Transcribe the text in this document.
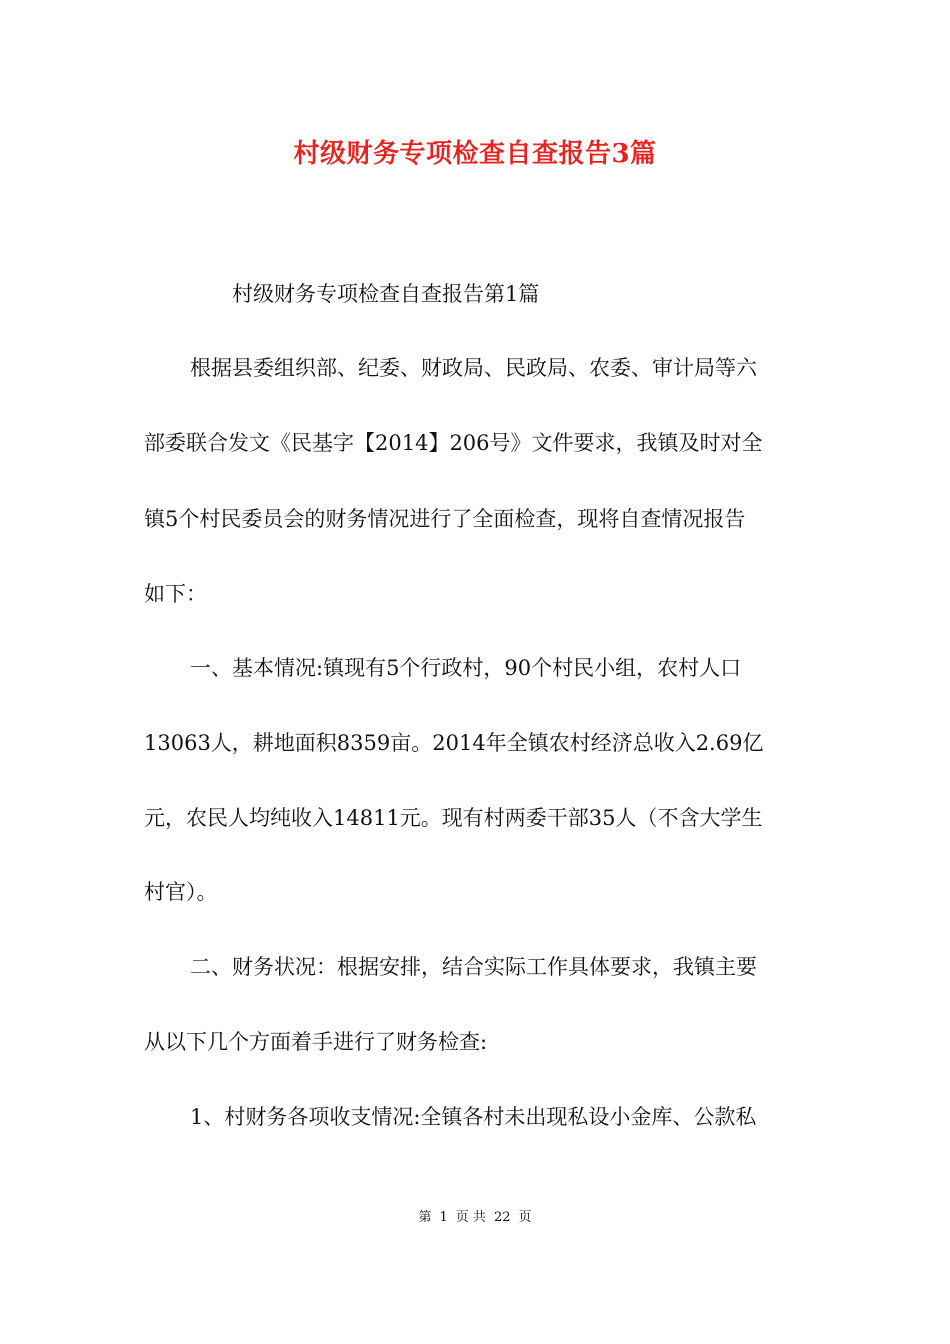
村级财务专项检查自查报告3篇
村级财务专项检查自查报告第1篇
根据县委组织部、纪委、财政局、民政局、农委、审计局等六
部委联合发文《民基字【2014】206号》文件要求，我镇及时对全
镇5个村民委员会的财务情况进行了全面检查，现将自查情况报告
如下：
一、基本情况:镇现有5个行政村，90个村民小组，农村人口
13063人，耕地面积8359亩。2014年全镇农村经济总收入2.69亿
元，农民人均纯收入14811元。现有村两委干部35人（不含大学生
村官）。
二、财务状况：根据安排，结合实际工作具体要求，我镇主要
从以下几个方面着手进行了财务检查:
1、村财务各项收支情况:全镇各村未出现私设小金库、公款私
第 1 页 共 22 页
